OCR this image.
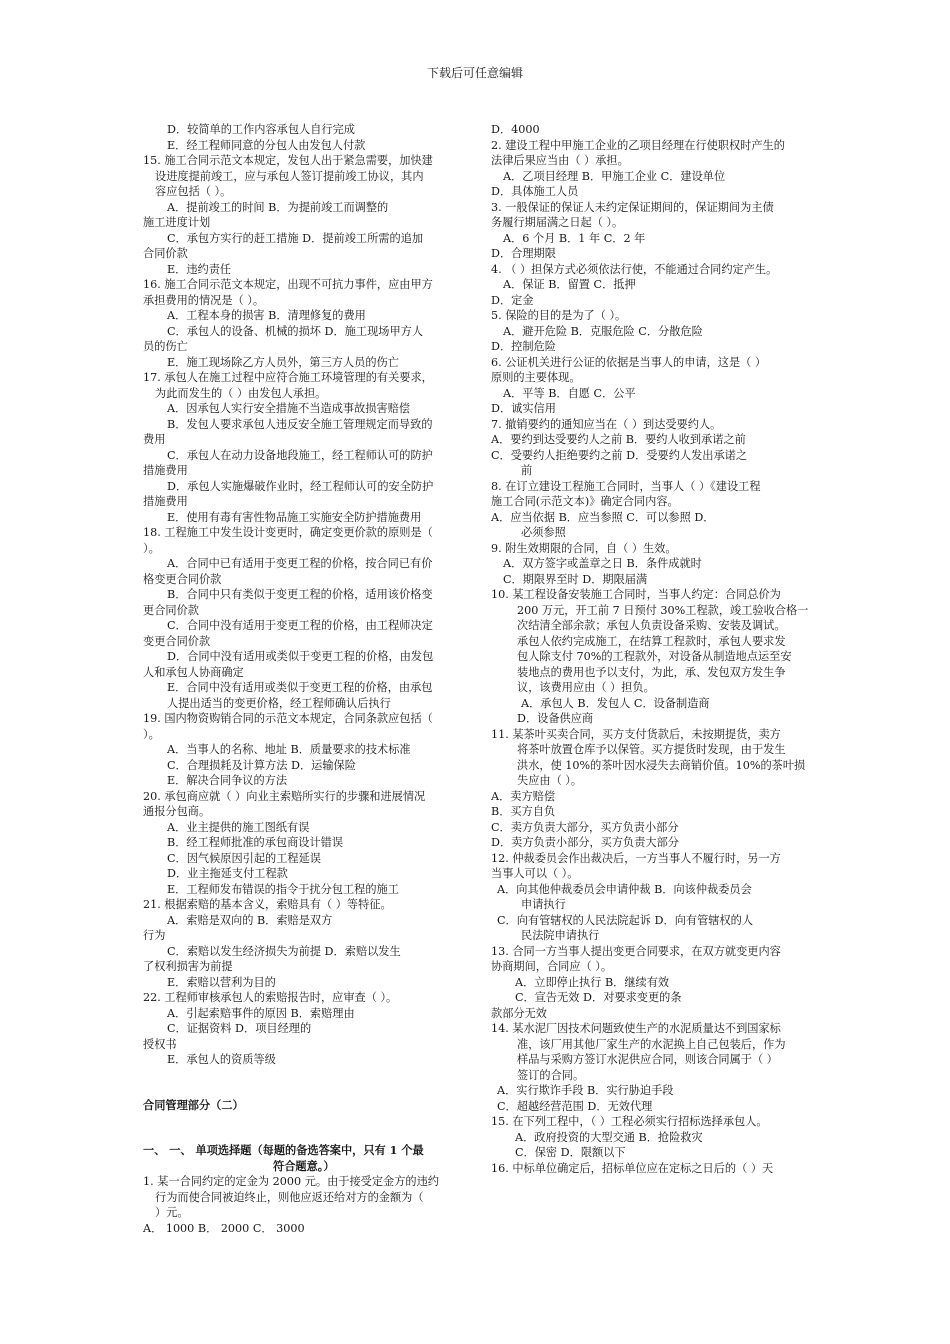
下载后可任意编辑
D．较简单的工作内容承包人自行完成
E．经工程师同意的分包人由发包人付款
15. 施工合同示范文本规定，发包人出于紧急需要，加快建
设进度提前竣工，应与承包人签订提前竣工协议，其内
容应包括（ ）。
A．提前竣工的时间 B．为提前竣工而调整的
施工进度计划
C．承包方实行的赶工措施 D．提前竣工所需的追加
合同价款
E．违约责任
16. 施工合同示范文本规定，出现不可抗力事件，应由甲方
承担费用的情况是（ ）。
A．工程本身的损害 B．清理修复的费用
C．承包人的设备、机械的损坏 D．施工现场甲方人
员的伤亡
E．施工现场除乙方人员外，第三方人员的伤亡
17. 承包人在施工过程中应符合施工环境管理的有关要求，
为此而发生的（ ）由发包人承担。
A．因承包人实行安全措施不当造成事故损害赔偿
B．发包人要求承包人违反安全施工管理规定而导致的
费用
C．承包人在动力设备地段施工，经工程师认可的防护
措施费用
D．承包人实施爆破作业时，经工程师认可的安全防护
措施费用
E．使用有毒有害性物品施工实施安全防护措施费用
18. 工程施工中发生设计变更时，确定变更价款的原则是（
）。
A．合同中已有适用于变更工程的价格，按合同已有价
格变更合同价款
B．合同中只有类似于变更工程的价格，适用该价格变
更合同价款
C．合同中没有适用于变更工程的价格，由工程师决定
变更合同价款
D．合同中没有适用或类似于变更工程的价格，由发包
人和承包人协商确定
E．合同中没有适用或类似于变更工程的价格，由承包
人提出适当的变更价格，经工程师确认后执行
19. 国内物资购销合同的示范文本规定，合同条款应包括（
）。
A．当事人的名称、地址 B．质量要求的技术标准
C．合理损耗及计算方法 D．运输保险
E．解决合同争议的方法
20. 承包商应就（ ）向业主索赔所实行的步骤和进展情况
通报分包商。
A．业主提供的施工图纸有误
B．经工程师批准的承包商设计错误
C．因气候原因引起的工程延误
D．业主拖延支付工程款
E．工程师发布错误的指令于扰分包工程的施工
21. 根据索赔的基本含义，索赔具有（ ）等特征。
A．索赔是双向的 B．索赔是双方
行为
C．索赔以发生经济损失为前提 D．索赔以发生
了权利损害为前提
E．索赔以营利为目的
22. 工程师审核承包人的索赔报告时，应审查（ ）。
A．引起索赔事件的原因 B．索赔理由
C．证据资料 D．项目经理的
授权书
E．承包人的资质等级
合同管理部分（二）
一、 一、 单项选择题（每题的备选答案中，只有 1 个最
符合题意。）
1. 某一合同约定的定金为 2000 元。由于接受定金方的违约
行为而使合同被迫终止，则他应返还给对方的金额为（
）元。
A． 1000 B． 2000 C． 3000
D．4000
2. 建设工程中甲施工企业的乙项目经理在行使职权时产生的
法律后果应当由（ ）承担。
A．乙项目经理 B．甲施工企业 C．建设单位
D．具体施工人员
3. 一般保证的保证人未约定保证期间的，保证期间为主债
务履行期届满之日起（ ）。
A．6 个月 B．1 年 C．2 年
D．合理期限
4. （ ）担保方式必须依法行使，不能通过合同约定产生。
A．保证 B．留置 C．抵押
D．定金
5. 保险的目的是为了（ ）。
A．避开危险 B．克服危险 C．分散危险
D．控制危险
6. 公证机关进行公证的依据是当事人的申请，这是（ ）
原则的主要体现。
A．平等 B．自愿 C．公平
D．诚实信用
7. 撤销要约的通知应当在（ ）到达受要约人。
A．要约到达受要约人之前 B．要约人收到承诺之前
C．受要约人拒绝要约之前 D．受要约人发出承诺之
前
8. 在订立建设工程施工合同时，当事人（ ）《建设工程
施工合同(示范文本)》确定合同内容。
A．应当依据 B．应当参照 C．可以参照 D．
必须参照
9. 附生效期限的合同，自（ ）生效。
A．双方签字或盖章之日 B．条件成就时
C．期限界至时 D．期限届满
10. 某工程设备安装施工合同时，当事人约定：合同总价为
200 万元，开工前 7 日预付 30%工程款，竣工验收合格一
次结清全部余款；承包人负责设备采购、安装及调试。
承包人依约完成施工，在结算工程款时，承包人要求发
包人除支付 70%的工程款外，对设备从制造地点运至安
装地点的费用也予以支付，为此，承、发包双方发生争
议，该费用应由（ ）担负。
A．承包人 B．发包人 C．设备制造商
D．设备供应商
11. 某茶叶买卖合同，买方支付货款后，未按期提货，卖方
将茶叶放置仓库予以保管。买方提货时发现，由于发生
洪水，使 10%的茶叶因水浸失去商销价值。10%的茶叶损
失应由（ ）。
A．卖方赔偿
B．买方自负
C．卖方负责大部分，买方负责小部分
D．卖方负责小部分，买方负责大部分
12. 仲裁委员会作出裁决后，一方当事人不履行时，另一方
当事人可以（ ）。
A．向其他仲裁委员会申请仲裁 B．向该仲裁委员会
申请执行
C．向有管辖权的人民法院起诉 D．向有管辖权的人
民法院申请执行
13. 合同一方当事人提出变更合同要求，在双方就变更内容
协商期间，合同应（ ）。
A．立即停止执行 B．继续有效
C．宣告无效 D．对要求变更的条
款部分无效
14. 某水泥厂因技术问题致使生产的水泥质量达不到国家标
准，该厂用其他厂家生产的水泥换上自己包装后，作为
样品与采购方签订水泥供应合同，则该合同属于（ ）
签订的合同。
A．实行欺诈手段 B．实行胁迫手段
C．超越经营范围 D．无效代理
15. 在下列工程中，（ ）工程必须实行招标选择承包人。
A．政府投资的大型交通 B．抢险救灾
C．保密 D．限额以下
16. 中标单位确定后，招标单位应在定标之日后的（ ）天
